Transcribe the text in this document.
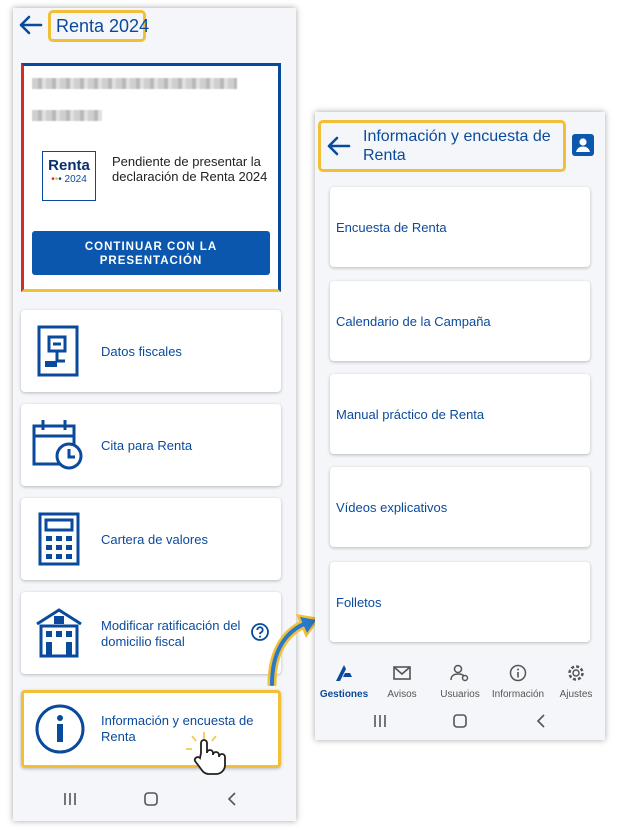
Renta 2024
Renta
••• 2024
Pendiente de presentar la declaración de Renta 2024
CONTINUAR CON LA PRESENTACIÓN
Datos fiscales
Cita para Renta
Cartera de valores
Modificar ratificación del domicilio fiscal
Información y encuesta de Renta
Información y encuesta de Renta
Encuesta de Renta
Calendario de la Campaña
Manual práctico de Renta
Vídeos explicativos
Folletos
Gestiones	Avisos	Usuarios	Información	Ajustes
